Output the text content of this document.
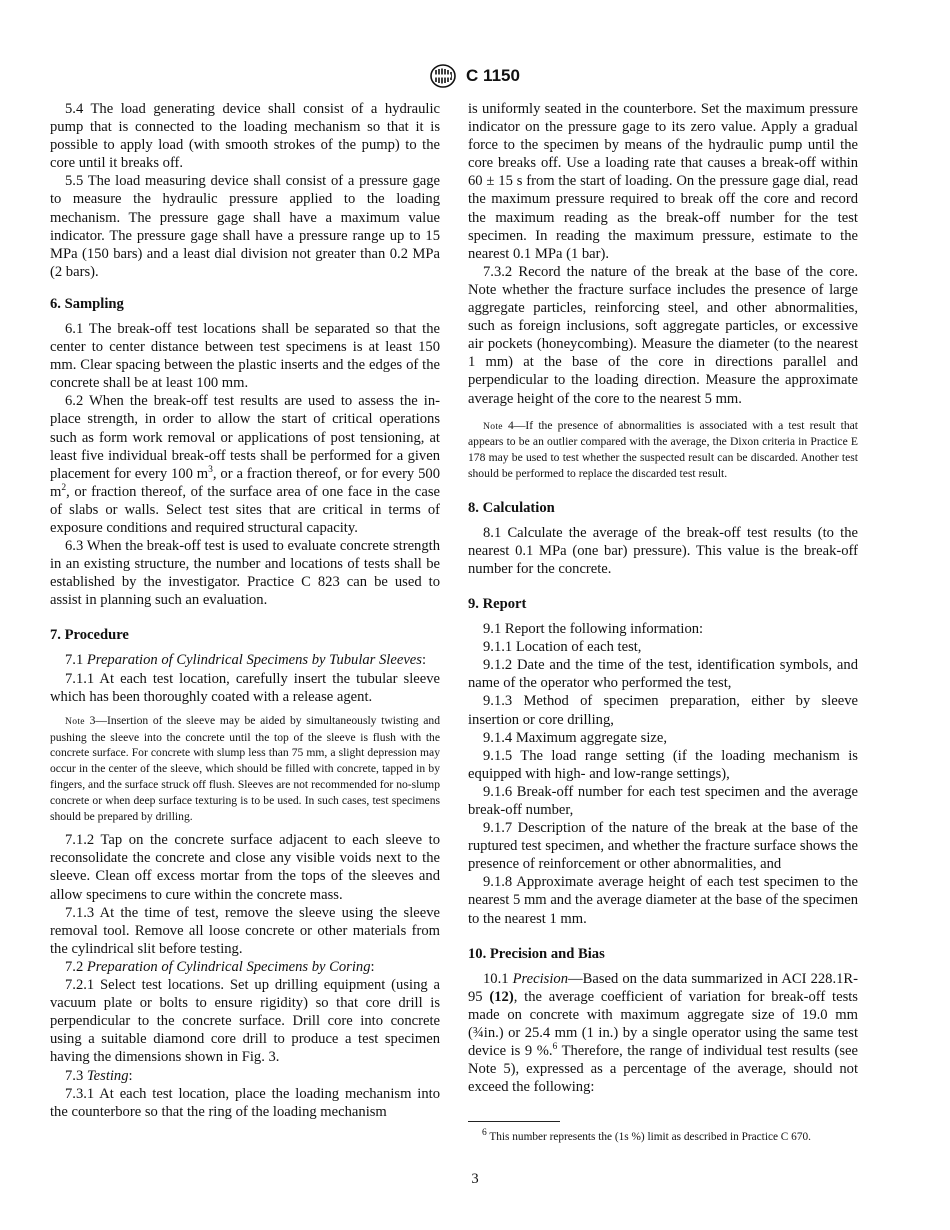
C 1150

5.4 The load generating device shall consist of a hydraulic pump that is connected to the loading mechanism so that it is possible to apply load (with smooth strokes of the pump) to the core until it breaks off.

5.5 The load measuring device shall consist of a pressure gage to measure the hydraulic pressure applied to the loading mechanism. The pressure gage shall have a maximum value indicator. The pressure gage shall have a pressure range up to 15 MPa (150 bars) and a least dial division not greater than 0.2 MPa (2 bars).

6. Sampling

6.1 The break-off test locations shall be separated so that the center to center distance between test specimens is at least 150 mm. Clear spacing between the plastic inserts and the edges of the concrete shall be at least 100 mm.

6.2 When the break-off test results are used to assess the in-place strength, in order to allow the start of critical operations such as form work removal or applications of post tensioning, at least five individual break-off tests shall be performed for a given placement for every 100 $m^3$, or a fraction thereof, or for every 500 $m^2$, or fraction thereof, of the surface area of one face in the case of slabs or walls. Select test sites that are critical in terms of exposure conditions and required structural capacity.

6.3 When the break-off test is used to evaluate concrete strength in an existing structure, the number and locations of tests shall be established by the investigator. Practice C 823 can be used to assist in planning such an evaluation.

7. Procedure

7.1 Preparation of Cylindrical Specimens by Tubular Sleeves:

7.1.1 At each test location, carefully insert the tubular sleeve which has been thoroughly coated with a release agent.

Note 3—Insertion of the sleeve may be aided by simultaneously twisting and pushing the sleeve into the concrete until the top of the sleeve is flush with the concrete surface. For concrete with slump less than 75 mm, a slight depression may occur in the center of the sleeve, which should be filled with concrete, tapped in by fingers, and the surface struck off flush. Sleeves are not recommended for no-slump concrete or when deep surface texturing is to be used. In such cases, test specimens should be prepared by drilling.

7.1.2 Tap on the concrete surface adjacent to each sleeve to reconsolidate the concrete and close any visible voids next to the sleeve. Clean off excess mortar from the tops of the sleeves and allow specimens to cure within the concrete mass.

7.1.3 At the time of test, remove the sleeve using the sleeve removal tool. Remove all loose concrete or other materials from the cylindrical slit before testing.

7.2 Preparation of Cylindrical Specimens by Coring:

7.2.1 Select test locations. Set up drilling equipment (using a vacuum plate or bolts to ensure rigidity) so that core drill is perpendicular to the concrete surface. Drill core into concrete using a suitable diamond core drill to produce a test specimen having the dimensions shown in Fig. 3.

7.3 Testing:

7.3.1 At each test location, place the loading mechanism into the counterbore so that the ring of the loading mechanism

is uniformly seated in the counterbore. Set the maximum pressure indicator on the pressure gage to its zero value. Apply a gradual force to the specimen by means of the hydraulic pump until the core breaks off. Use a loading rate that causes a break-off within 60 ± 15 s from the start of loading. On the pressure gage dial, read the maximum pressure required to break off the core and record the maximum reading as the break-off number for the test specimen. In reading the maximum pressure, estimate to the nearest 0.1 MPa (1 bar).

7.3.2 Record the nature of the break at the base of the core. Note whether the fracture surface includes the presence of large aggregate particles, reinforcing steel, and other abnormalities, such as foreign inclusions, soft aggregate particles, or excessive air pockets (honeycombing). Measure the diameter (to the nearest 1 mm) at the base of the core in directions parallel and perpendicular to the loading direction. Measure the approximate average height of the core to the nearest 5 mm.

Note 4—If the presence of abnormalities is associated with a test result that appears to be an outlier compared with the average, the Dixon criteria in Practice E 178 may be used to test whether the suspected result can be discarded. Another test should be performed to replace the discarded test result.

8. Calculation

8.1 Calculate the average of the break-off test results (to the nearest 0.1 MPa (one bar) pressure). This value is the break-off number for the concrete.

9. Report

9.1 Report the following information:

9.1.1 Location of each test,

9.1.2 Date and the time of the test, identification symbols, and name of the operator who performed the test,

9.1.3 Method of specimen preparation, either by sleeve insertion or core drilling,

9.1.4 Maximum aggregate size,

9.1.5 The load range setting (if the loading mechanism is equipped with high- and low-range settings),

9.1.6 Break-off number for each test specimen and the average break-off number,

9.1.7 Description of the nature of the break at the base of the ruptured test specimen, and whether the fracture surface shows the presence of reinforcement or other abnormalities, and

9.1.8 Approximate average height of each test specimen to the nearest 5 mm and the average diameter at the base of the specimen to the nearest 1 mm.

10. Precision and Bias

10.1 Precision—Based on the data summarized in ACI 228.1R-95 (12), the average coefficient of variation for break-off tests made on concrete with maximum aggregate size of 19.0 mm (¾in.) or 25.4 mm (1 in.) by a single operator using the same test device is 9 %.$^6$ Therefore, the range of individual test results (see Note 5), expressed as a percentage of the average, should not exceed the following:

$^6$ This number represents the (1s %) limit as described in Practice C 670.
3
